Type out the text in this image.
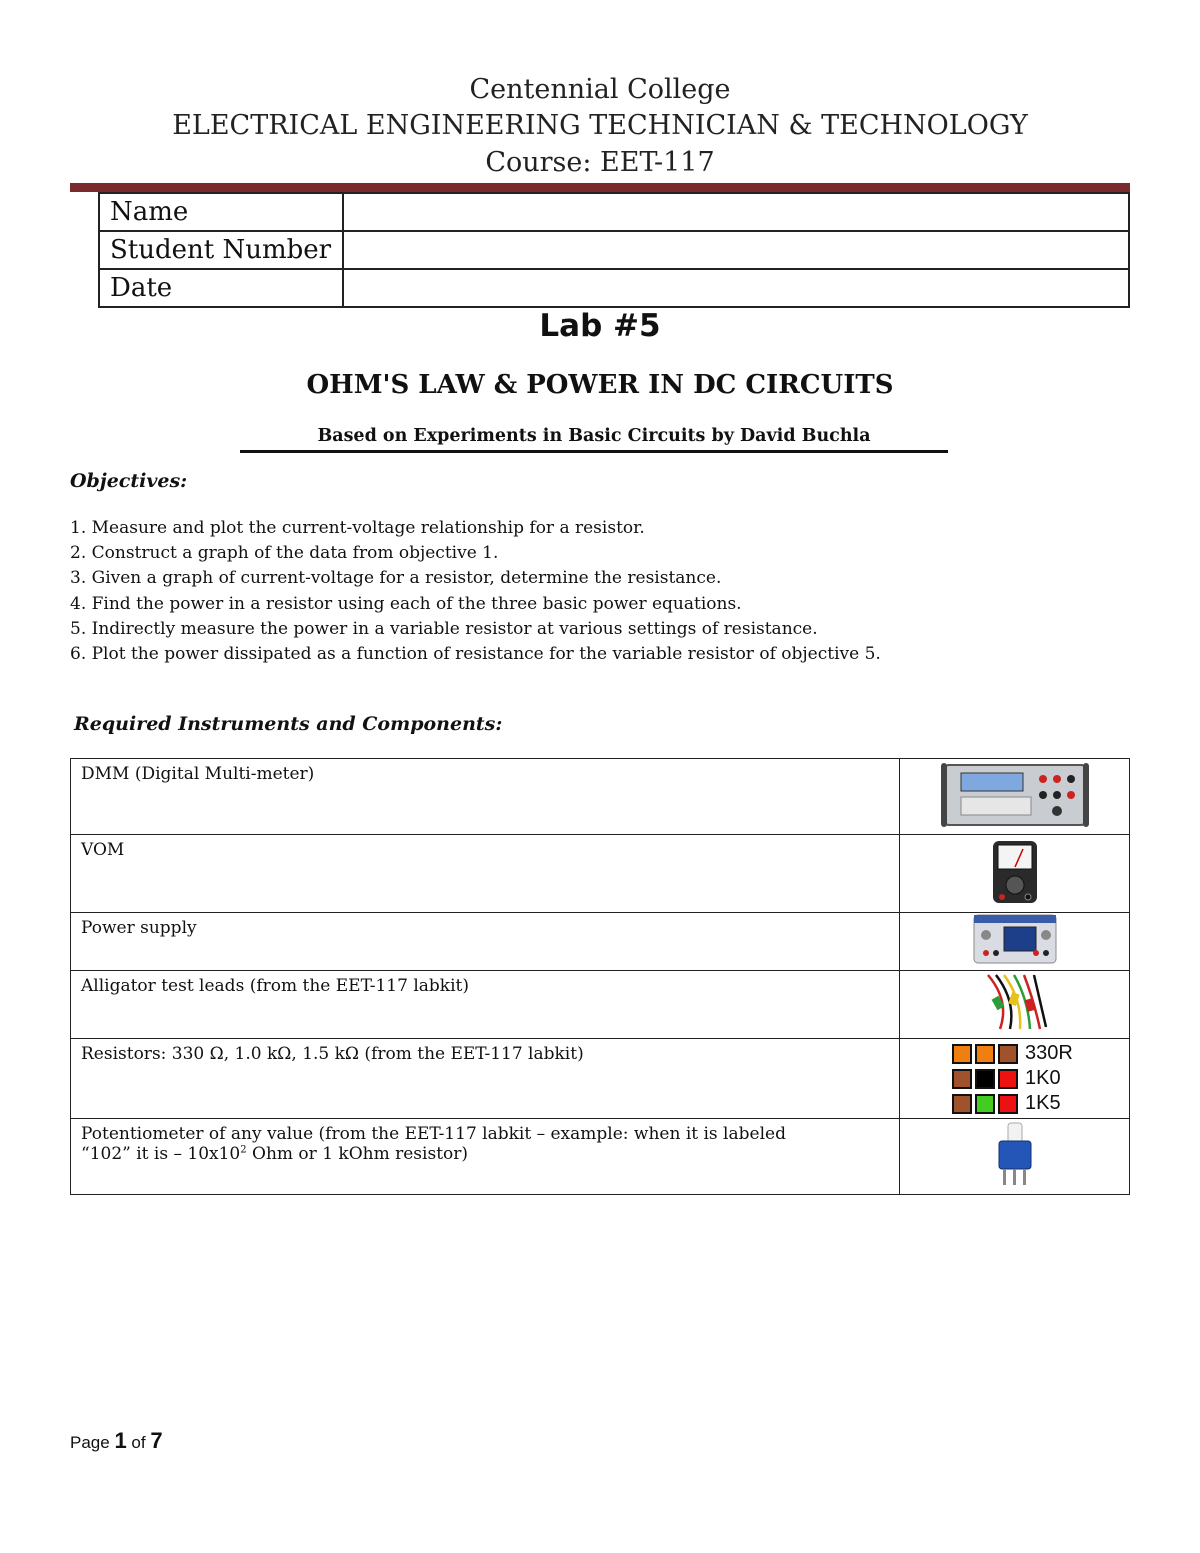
Centennial College
ELECTRICAL ENGINEERING TECHNICIAN & TECHNOLOGY
Course: EET-117
Name	
Student Number	
Date	
Lab #5
OHM'S LAW & POWER IN DC CIRCUITS
Based on Experiments in Basic Circuits by David Buchla
Objectives:
1. Measure and plot the current-voltage relationship for a resistor.
2. Construct a graph of the data from objective 1.
3. Given a graph of current-voltage for a resistor, determine the resistance.
4. Find the power in a resistor using each of the three basic power equations.
5. Indirectly measure the power in a variable resistor at various settings of resistance.
6. Plot the power dissipated as a function of resistance for the variable resistor of objective 5.
Required Instruments and Components:
DMM (Digital Multi-meter)	
VOM	
Power supply	
Alligator test leads (from the EET-117 labkit)	
Resistors: 330 Ω, 1.0 kΩ, 1.5 kΩ (from the EET-117 labkit)	330R
1K0
1K5

Potentiometer of any value (from the EET-117 labkit – example: when it is labeled
“102” it is – $10x10^2$ Ohm or 1 kOhm resistor)

Page 1 of 7
